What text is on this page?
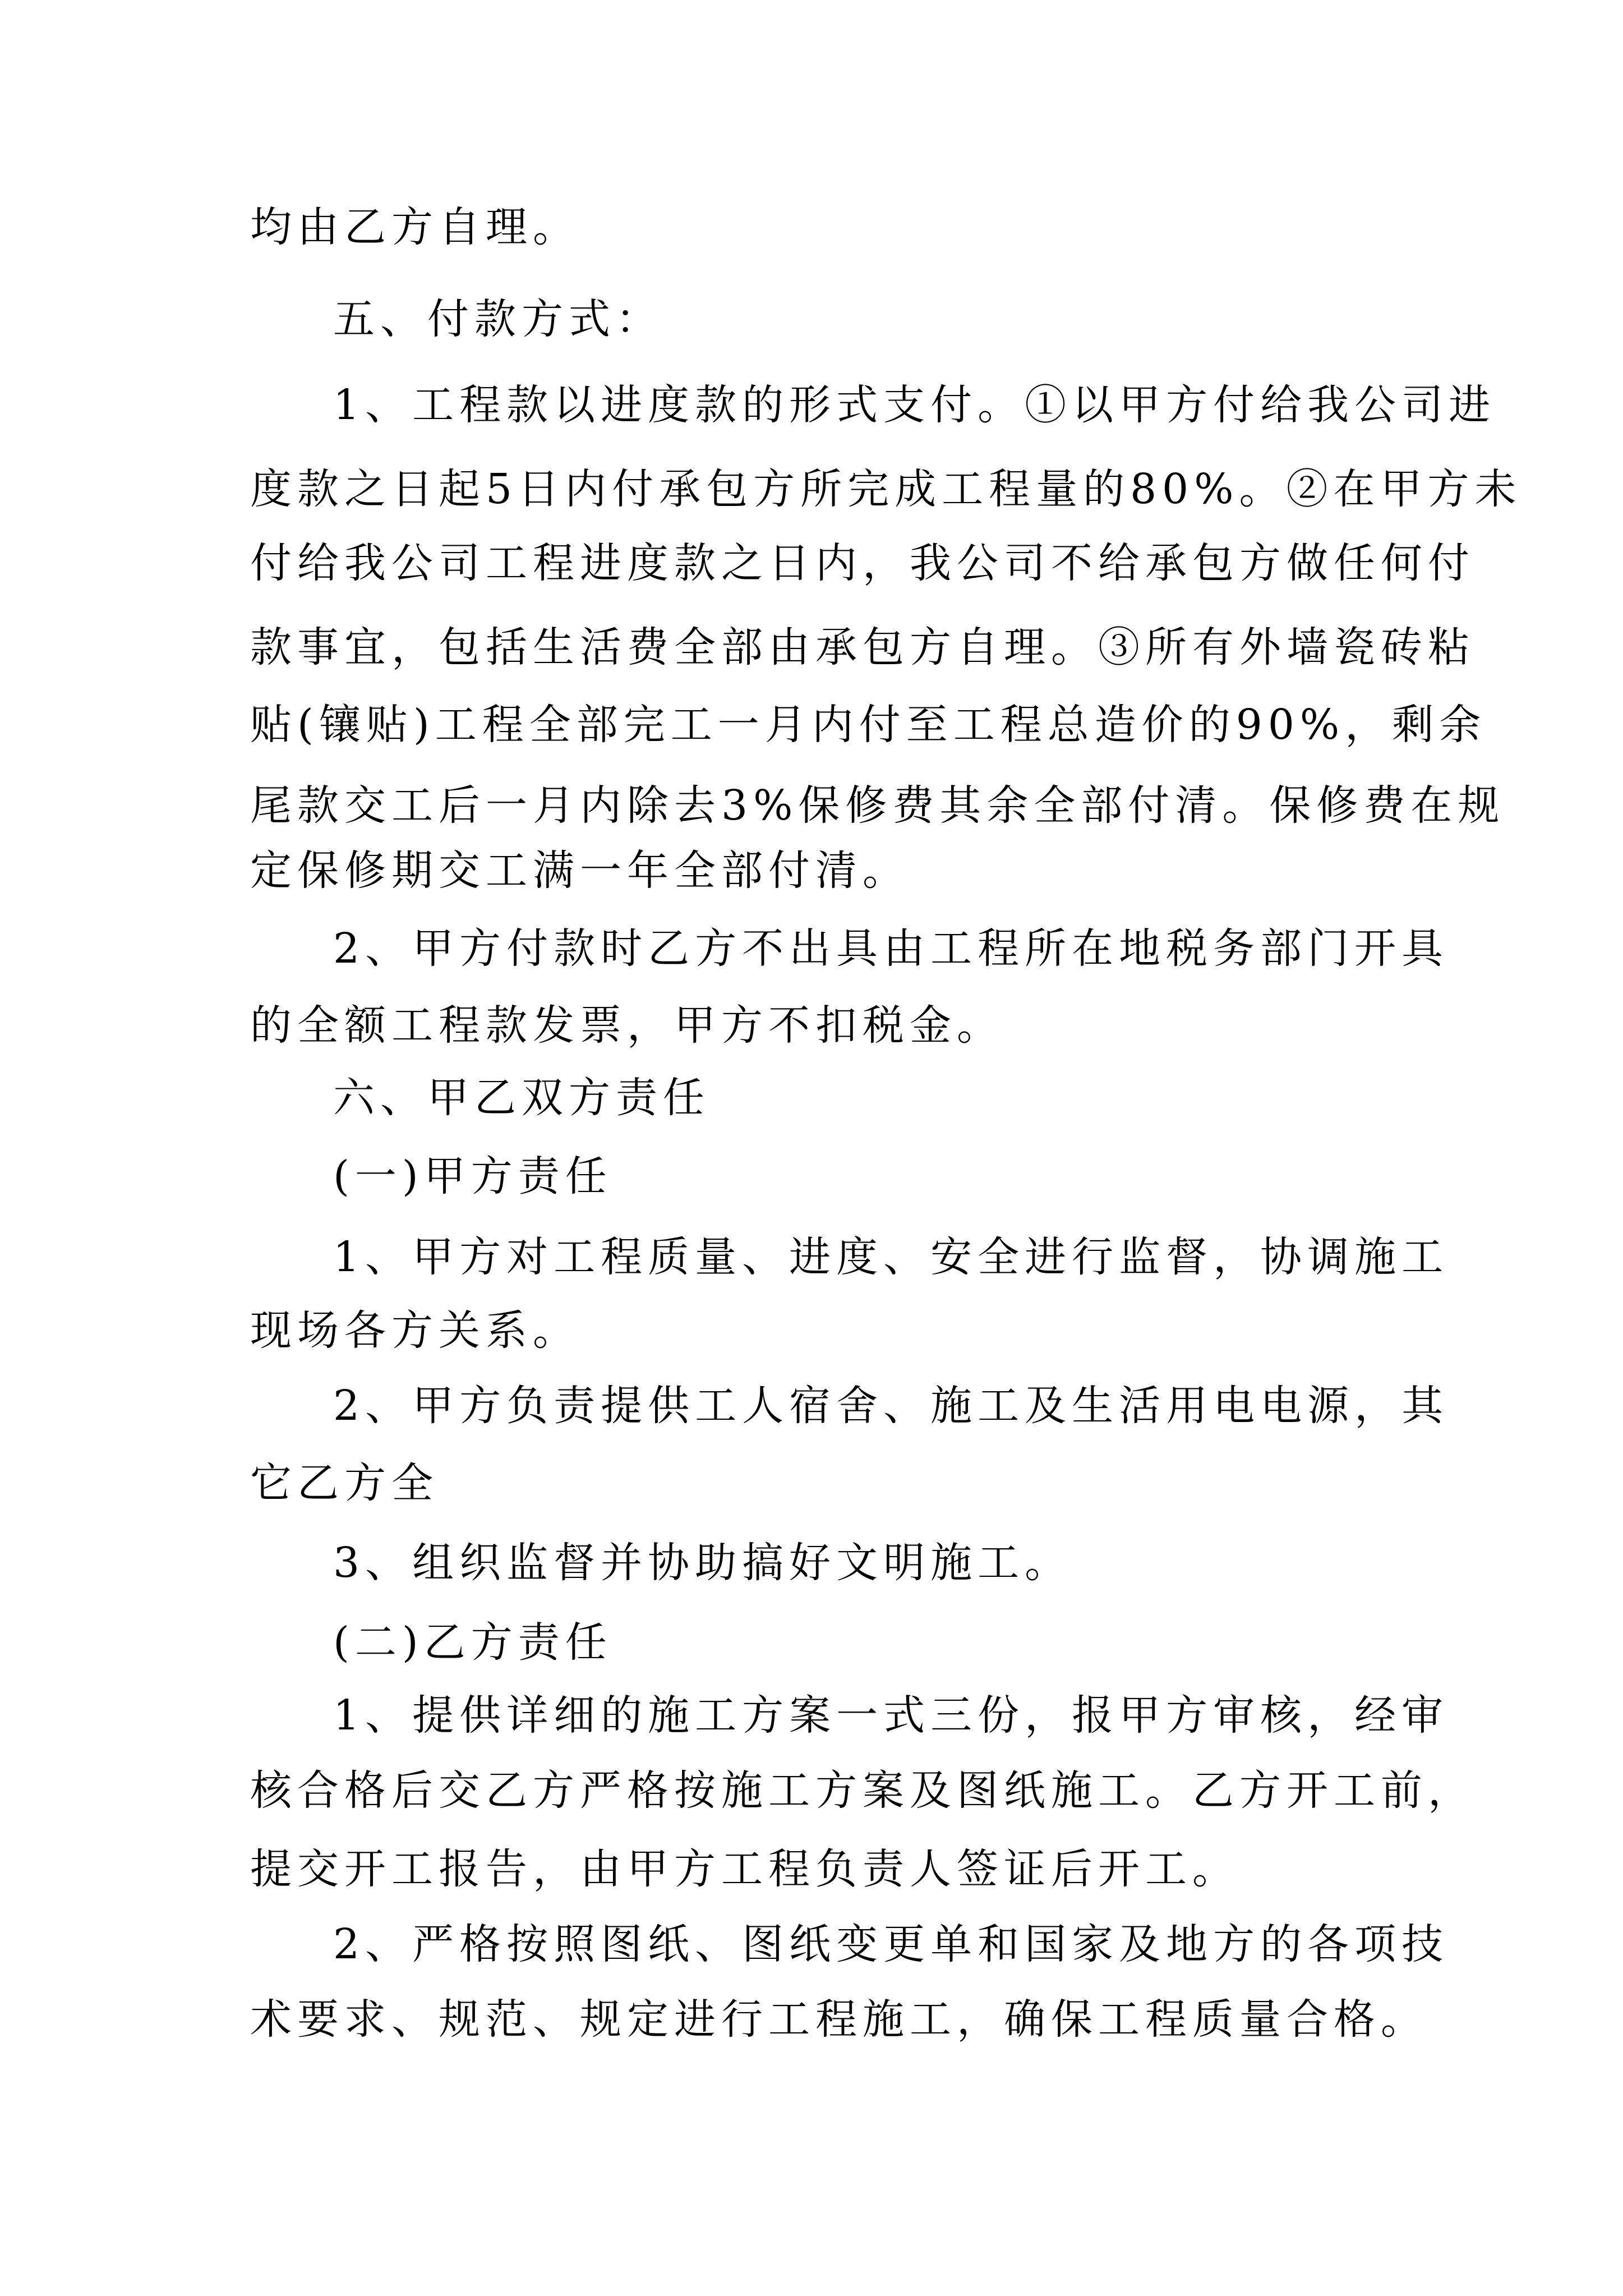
均由乙方自理。
五、付款方式：
1、工程款以进度款的形式支付。①以甲方付给我公司进
度款之日起5日内付承包方所完成工程量的80%。②在甲方未
付给我公司工程进度款之日内，我公司不给承包方做任何付
款事宜，包括生活费全部由承包方自理。③所有外墙瓷砖粘
贴(镶贴)工程全部完工一月内付至工程总造价的90%，剩余
尾款交工后一月内除去3%保修费其余全部付清。保修费在规
定保修期交工满一年全部付清。
2、甲方付款时乙方不出具由工程所在地税务部门开具
的全额工程款发票，甲方不扣税金。
六、甲乙双方责任
(一)甲方责任
1、甲方对工程质量、进度、安全进行监督，协调施工
现场各方关系。
2、甲方负责提供工人宿舍、施工及生活用电电源，其
它乙方全
3、组织监督并协助搞好文明施工。
(二)乙方责任
1、提供详细的施工方案一式三份，报甲方审核，经审
核合格后交乙方严格按施工方案及图纸施工。乙方开工前，
提交开工报告，由甲方工程负责人签证后开工。
2、严格按照图纸、图纸变更单和国家及地方的各项技
术要求、规范、规定进行工程施工，确保工程质量合格。
